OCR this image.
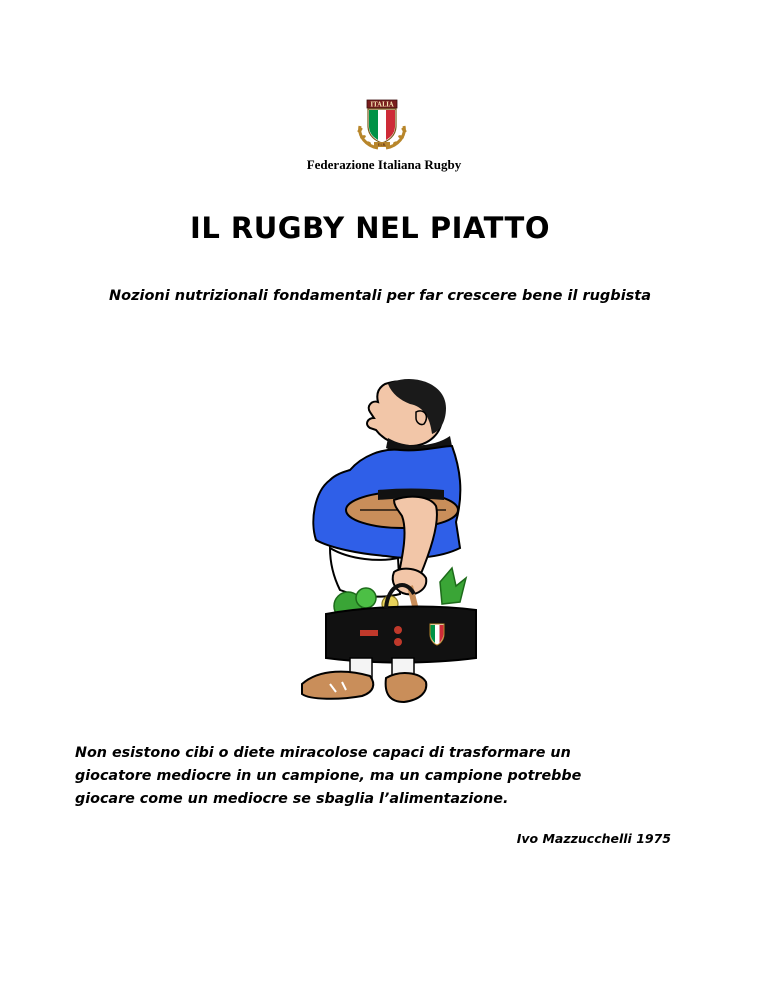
ITALIA
F.I.R.
Federazione Italiana Rugby
IL RUGBY NEL PIATTO
Nozioni nutrizionali fondamentali per far crescere bene il rugbista
Non esistono cibi o diete miracolose capaci di trasformare un
giocatore mediocre in un campione, ma un campione potrebbe
giocare come un mediocre se sbaglia l’alimentazione.
Ivo Mazzucchelli 1975
